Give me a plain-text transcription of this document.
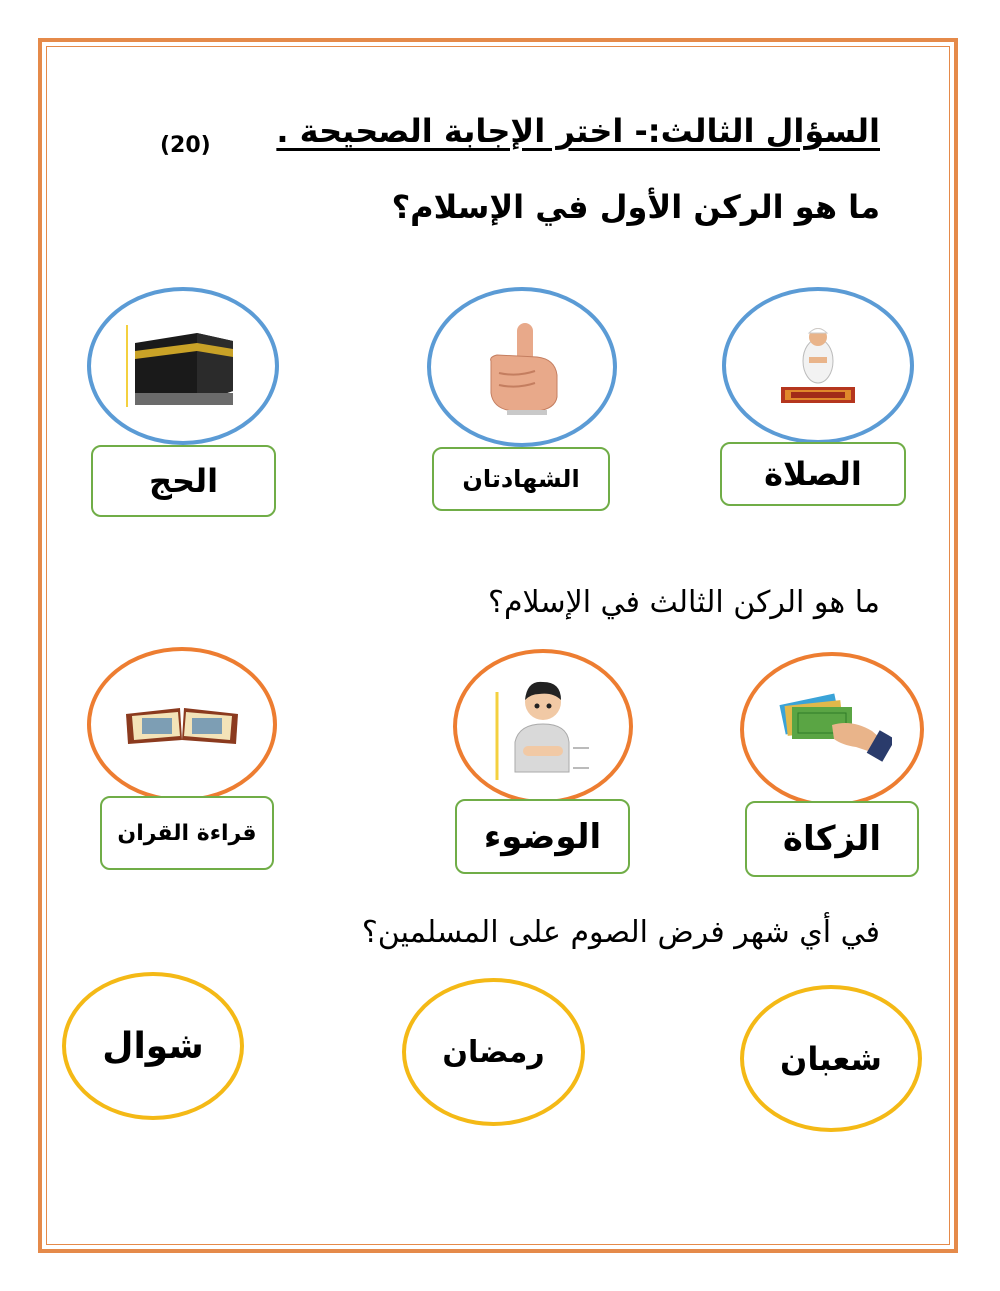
السؤال الثالث:- اختر الإجابة الصحيحة .
(20)
ما هو الركن الأول في الإسلام؟
الصلاة
الشهادتان
الحج
ما هو الركن الثالث في الإسلام؟
الزكاة
الوضوء
قراءة القران
في أي شهر فرض الصوم على المسلمين؟
شعبان
رمضان
شوال
